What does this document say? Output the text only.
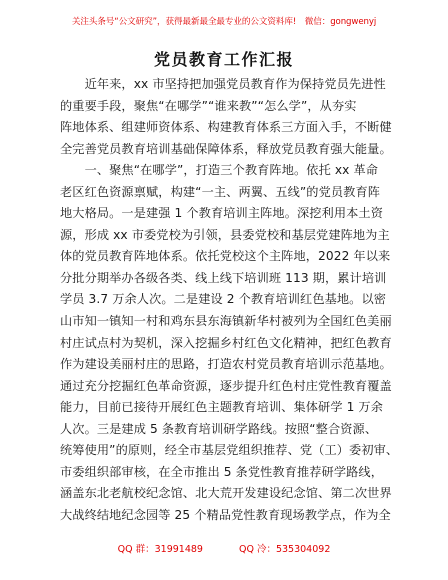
关注头条号“公文研究”，获得最新最全最专业的公文资料库!　微信：gongwenyj
党员教育工作汇报
　　近年来，xx 市坚持把加强党员教育作为保持党员先进性
的重要手段，聚焦“在哪学”“谁来教”“怎么学”，从夯实
阵地体系、组建师资体系、构建教育体系三方面入手，不断健
全完善党员教育培训基础保障体系，释放党员教育强大能量。
　　一、聚焦“在哪学”，打造三个教育阵地。依托 xx 革命
老区红色资源禀赋，构建“一主、两翼、五线”的党员教育阵
地大格局。一是建强 1 个教育培训主阵地。深挖利用本土资
源，形成 xx 市委党校为引领，县委党校和基层党建阵地为主
体的党员教育阵地体系。依托党校这个主阵地，2022 年以来
分批分期举办各级各类、线上线下培训班 113 期，累计培训
学员 3.7 万余人次。二是建设 2 个教育培训红色基地。以密
山市知一镇知一村和鸡东县东海镇新华村被列为全国红色美丽
村庄试点村为契机，深入挖掘乡村红色文化精神，把红色教育
作为建设美丽村庄的思路，打造农村党员教育培训示范基地。
通过充分挖掘红色革命资源，逐步提升红色村庄党性教育覆盖
能力，目前已接待开展红色主题教育培训、集体研学 1 万余
人次。三是建成 5 条教育培训研学路线。按照“整合资源、
统筹使用”的原则，经全市基层党组织推荐、党（工）委初审、
市委组织部审核，在全市推出 5 条党性教育推荐研学路线，
涵盖东北老航校纪念馆、北大荒开发建设纪念馆、第二次世界
大战终结地纪念园等 25 个精品党性教育现场教学点，作为全
QQ 群：31991489	QQ 冷：535304092
